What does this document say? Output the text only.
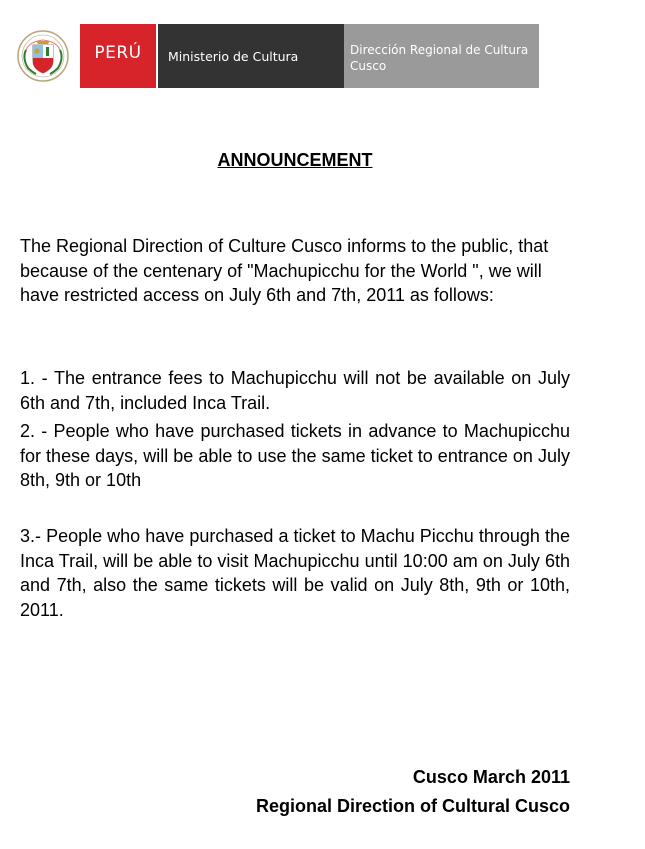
PERÚ	Ministerio de Cultura	Dirección Regional de Cultura
Cusco
ANNOUNCEMENT
The Regional Direction of Culture Cusco informs to the public, that because of the centenary of "Machupicchu for the World ", we will have restricted access on July 6th and 7th, 2011 as follows:
1. - The entrance fees to Machupicchu will not be available on July 6th and 7th, included Inca Trail.
2. - People who have purchased tickets in advance to Machupicchu for these days, will be able to use the same ticket to entrance on July 8th, 9th or 10th
3.- People who have purchased a ticket to Machu Picchu through the Inca Trail, will be able to visit Machupicchu until 10:00 am on July 6th and 7th, also the same tickets will be valid on July 8th, 9th or 10th, 2011.
Cusco March 2011
Regional Direction of Cultural Cusco
